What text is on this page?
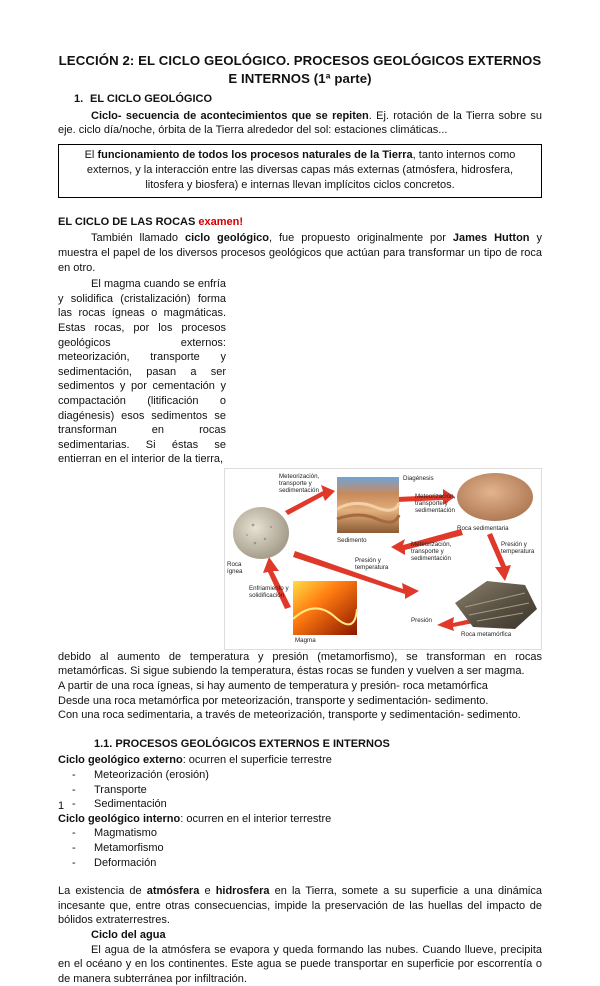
LECCIÓN 2: EL CICLO GEOLÓGICO. PROCESOS GEOLÓGICOS EXTERNOS E INTERNOS (1ª parte)
1. EL CICLO GEOLÓGICO

Ciclo- secuencia de acontecimientos que se repiten. Ej. rotación de la Tierra sobre su eje. ciclo día/noche, órbita de la Tierra alrededor del sol: estaciones climáticas...

El funcionamiento de todos los procesos naturales de la Tierra, tanto internos como externos, y la interacción entre las diversas capas más externas (atmósfera, hidrosfera, litosfera y biosfera) e internas llevan implícitos ciclos concretos.
EL CICLO DE LAS ROCAS examen!

También llamado ciclo geológico, fue propuesto originalmente por James Hutton y muestra el papel de los diversos procesos geológicos que actúan para transformar un tipo de roca en otro.

El magma cuando se enfría y solidifica (cristalización) forma las rocas ígneas o magmáticas. Estas rocas, por los procesos geológicos externos: meteorización, transporte y sedimentación, pasan a ser sedimentos y por cementación y compactación (litificación o diagénesis) esos sedimentos se transforman en rocas sedimentarias. Si éstas se entierran en el interior de la tierra,

Meteorización, transporte y sedimentación
Diagénesis
Meteorización, transporte y sedimentación
Sedimento
Roca sedimentaria
Roca ígnea
Presión y temperatura
Meteorización, transporte y sedimentación
Presión y temperatura
Enfriamiento y solidificación
Presión
Magma
Roca metamórfica

debido al aumento de temperatura y presión (metamorfismo), se transforman en rocas metamórficas. Si sigue subiendo la temperatura, éstas rocas se funden y vuelven a ser magma.

A partir de una roca ígneas, si hay aumento de temperatura y presión- roca metamórfica

Desde una roca metamórfica por meteorización, transporte y sedimentación- sedimento.

Con una roca sedimentaria, a través de meteorización, transporte y sedimentación- sedimento.

1.1. PROCESOS GEOLÓGICOS EXTERNOS E INTERNOS

Ciclo geológico externo: ocurren el superficie terrestre

- Meteorización (erosión)
- Transporte
- Sedimentación

Ciclo geológico interno: ocurren en el interior terrestre

- Magmatismo
- Metamorfismo
- Deformación

La existencia de atmósfera e hidrosfera en la Tierra, somete a su superficie a una dinámica incesante que, entre otras consecuencias, impide la preservación de las huellas del impacto de bólidos extraterrestres.

Ciclo del agua

El agua de la atmósfera se evapora y queda formando las nubes. Cuando llueve, precipita en el océano y en los continentes. Este agua se puede transportar en superficie por escorrentía o de manera subterránea por infiltración.

1
